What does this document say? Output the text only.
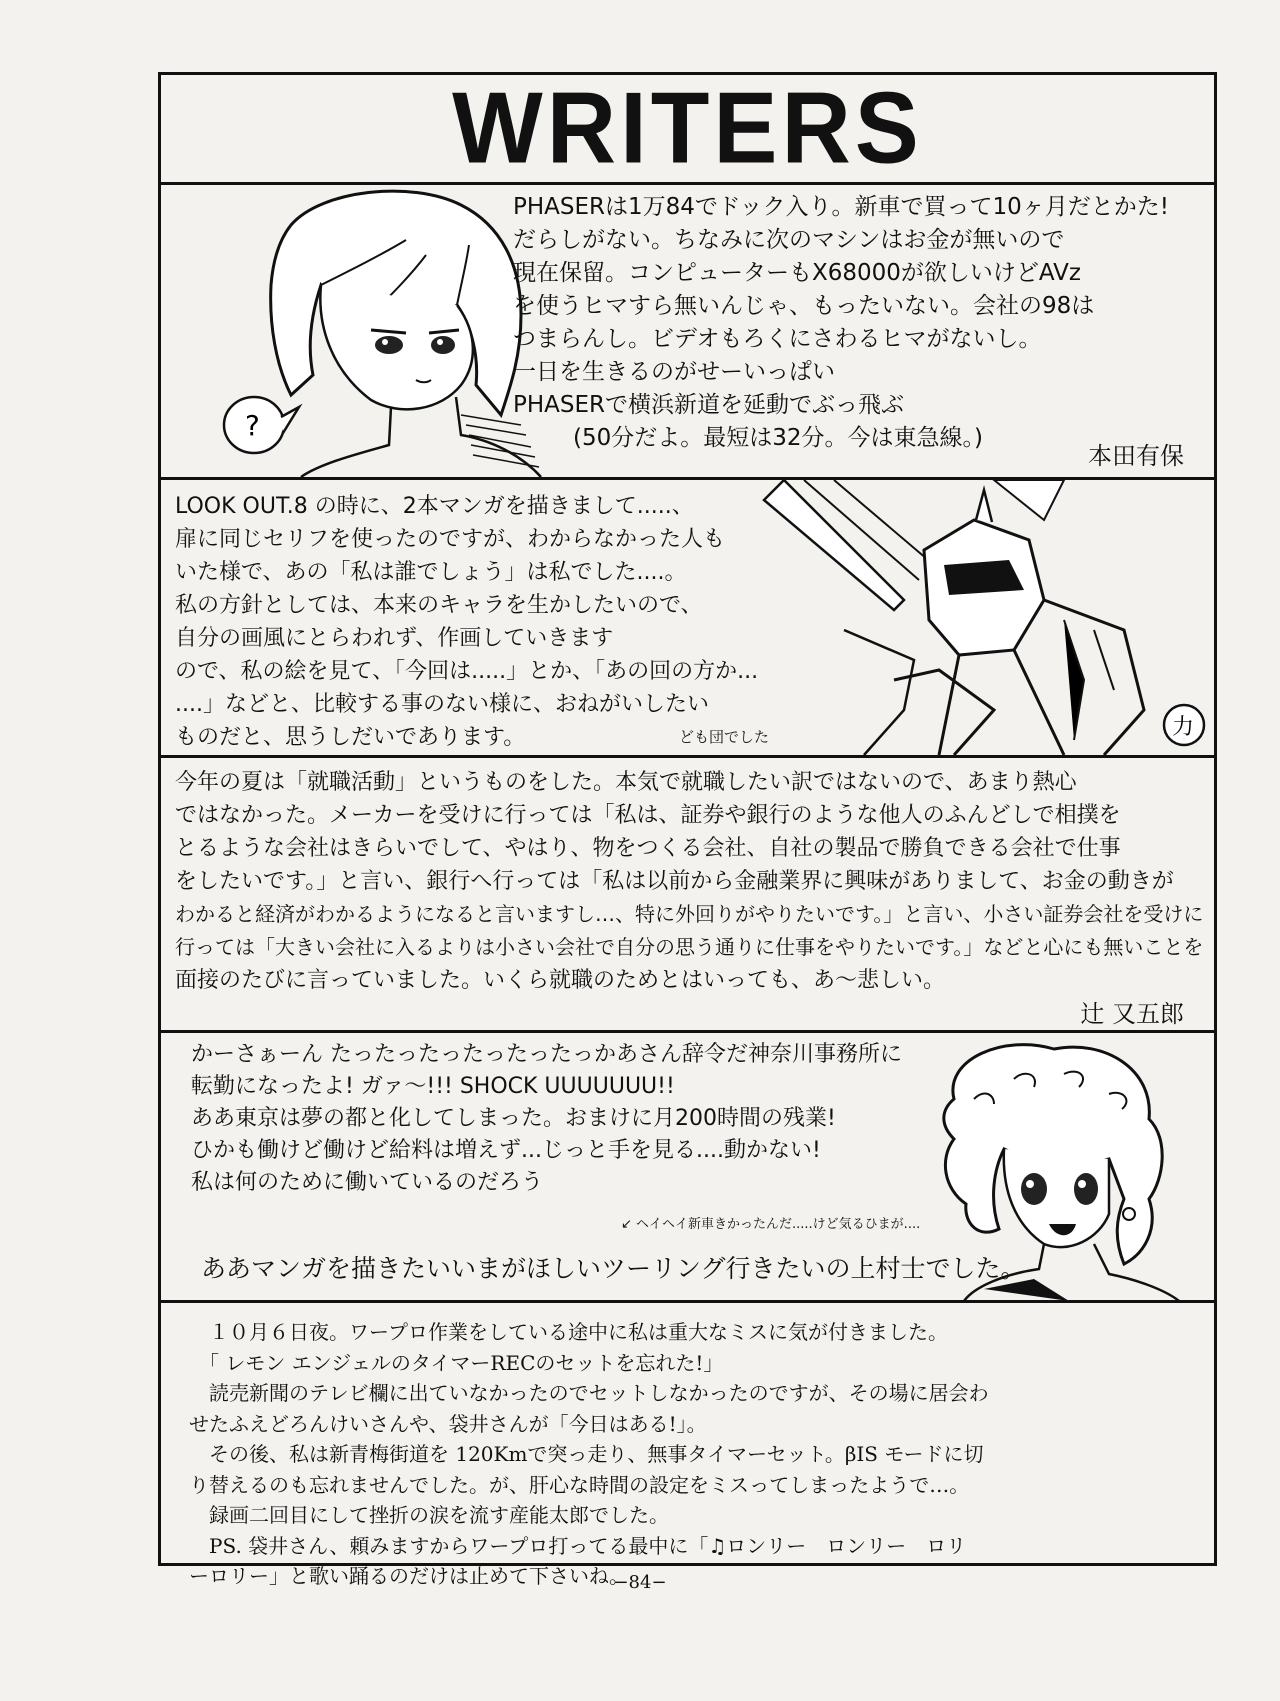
WRITERS
?
PHASERは1万84でドック入り。新車で買って10ヶ月だとかた!
だらしがない。ちなみに次のマシンはお金が無いので
現在保留。コンピューターもX68000が欲しいけどAVz
を使うヒマすら無いんじゃ、もったいない。会社の98は
つまらんし。ビデオもろくにさわるヒマがないし。
一日を生きるのがせーいっぱい
PHASERで横浜新道を延動でぶっ飛ぶ
(50分だよ。最短は32分。今は東急線。)
本田有保
力
LOOK OUT.8 の時に、2本マンガを描きまして.....、
扉に同じセリフを使ったのですが、わからなかった人も
いた様で、あの「私は誰でしょう」は私でした....。
私の方針としては、本来のキャラを生かしたいので、
自分の画風にとらわれず、作画していきます
ので、私の絵を見て、「今回は.....」とか、「あの回の方か...
....」などと、比較する事のない様に、おねがいしたい
ものだと、思うしだいであります。	ども団でした
今年の夏は「就職活動」というものをした。本気で就職したい訳ではないので、あまり熱心
ではなかった。メーカーを受けに行っては「私は、証券や銀行のような他人のふんどしで相撲を
とるような会社はきらいでして、やはり、物をつくる会社、自社の製品で勝負できる会社で仕事
をしたいです。」と言い、銀行へ行っては「私は以前から金融業界に興味がありまして、お金の動きが
わかると経済がわかるようになると言いますし…、特に外回りがやりたいです。」と言い、小さい証券会社を受けに
行っては「大きい会社に入るよりは小さい会社で自分の思う通りに仕事をやりたいです。」などと心にも無いことを
面接のたびに言っていました。いくら就職のためとはいっても、あ〜悲しい。
辻 又五郎
かーさぁーん たったったったったったっかあさん辞令だ神奈川事務所に
転勤になったよ! ガァ〜!!! SHOCK UUUUUUU!!
ああ東京は夢の都と化してしまった。おまけに月200時間の残業!
ひかも働けど働けど給料は増えず...じっと手を見る....動かない!
私は何のために働いているのだろう
↙ ヘイヘイ新車きかったんだ.....けど気るひまが....
ああマンガを描きたいいまがほしいツーリング行きたいの上村士でした。
　１０月６日夜。ワープロ作業をしている途中に私は重大なミスに気が付きました。
　「 レモン エンジェルのタイマーRECのセットを忘れた!」
　読売新聞のテレビ欄に出ていなかったのでセットしなかったのですが、その場に居会わ
せたふえどろんけいさんや、袋井さんが「今日はある!」。
　その後、私は新青梅街道を 120Kmで突っ走り、無事タイマーセット。βIS モードに切
り替えるのも忘れませんでした。が、肝心な時間の設定をミスってしまったようで…。
　録画二回目にして挫折の涙を流す産能太郎でした。
　PS. 袋井さん、頼みますからワープロ打ってる最中に「♫ロンリー　ロンリー　ロリ
ーロリー」と歌い踊るのだけは止めて下さいね。
−84−
